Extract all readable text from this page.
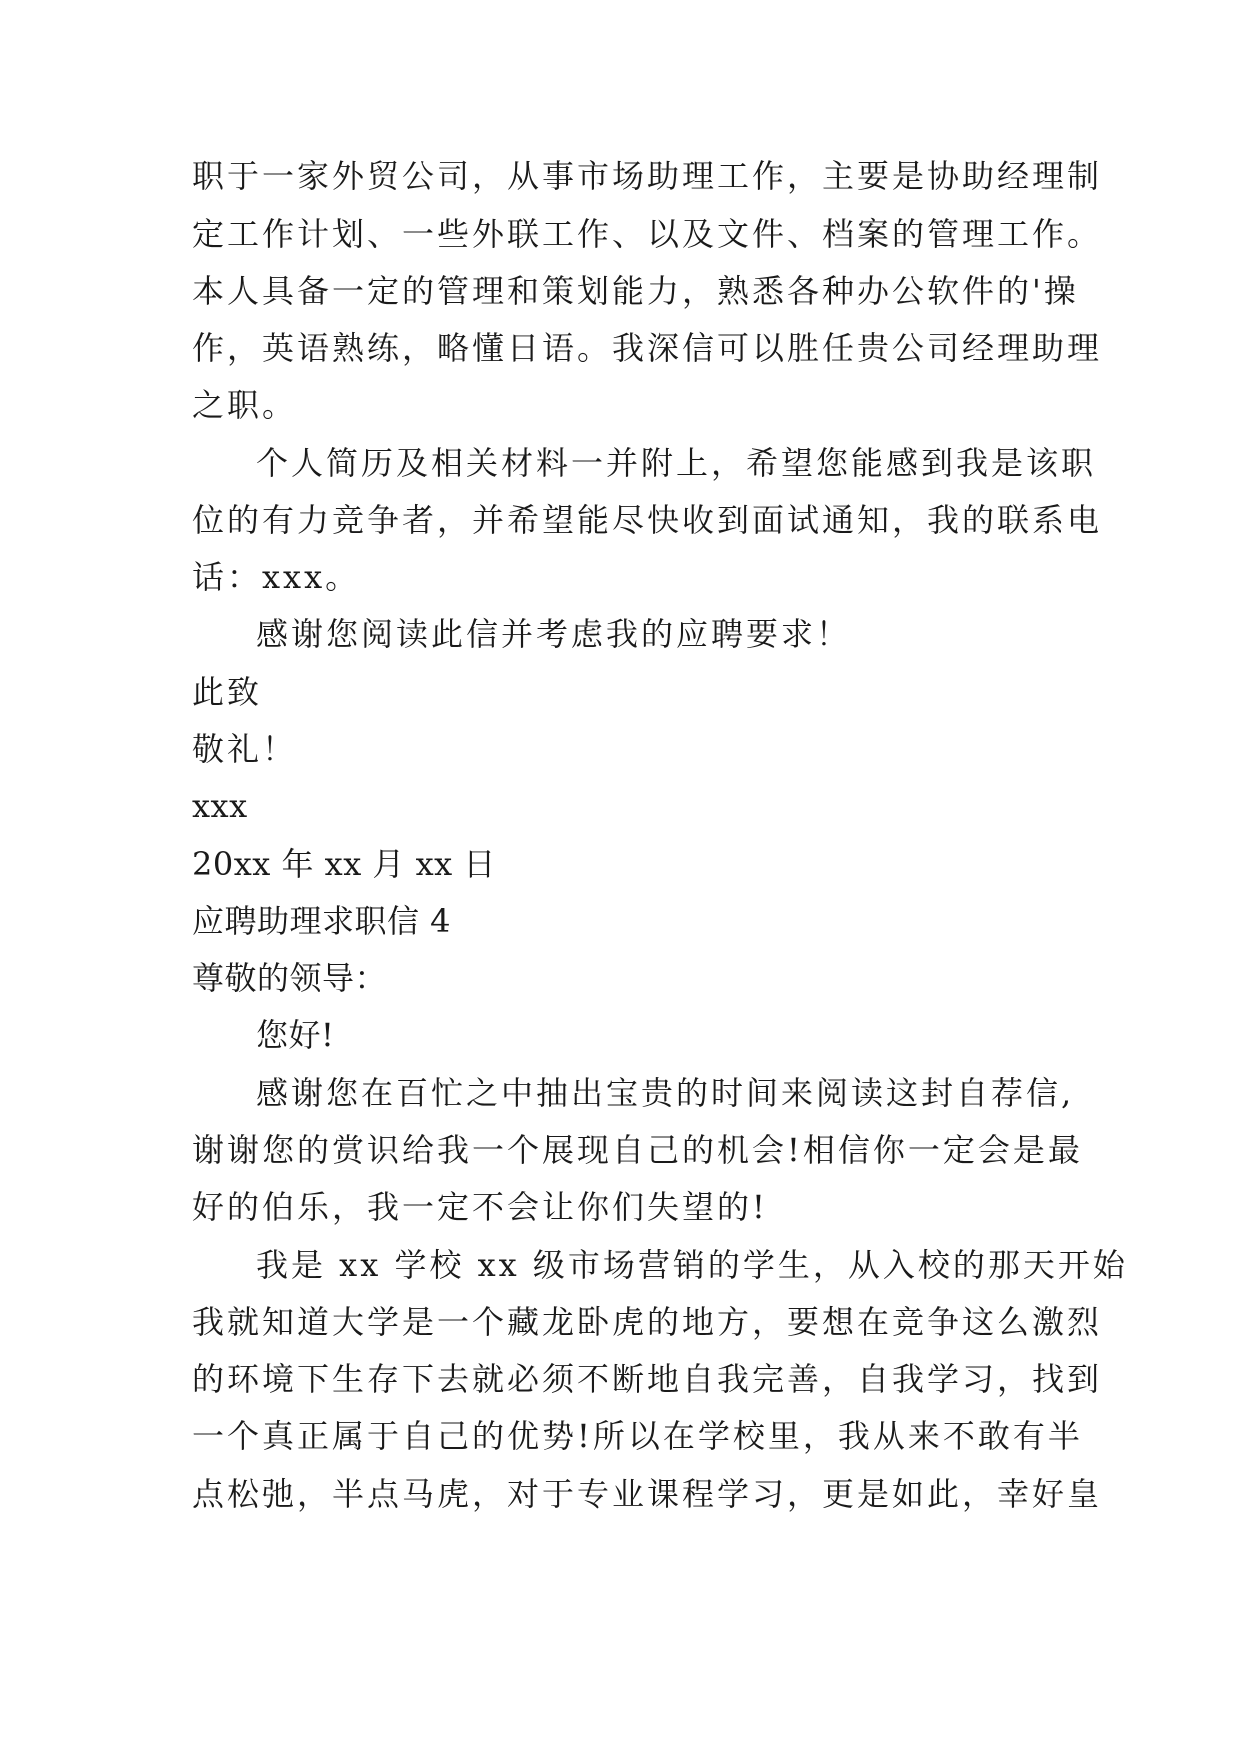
职于一家外贸公司，从事市场助理工作，主要是协助经理制

定工作计划、一些外联工作、以及文件、档案的管理工作。

本人具备一定的管理和策划能力，熟悉各种办公软件的'操

作，英语熟练，略懂日语。我深信可以胜任贵公司经理助理

之职。

个人简历及相关材料一并附上，希望您能感到我是该职

位的有力竞争者，并希望能尽快收到面试通知，我的联系电

话：xxx。

感谢您阅读此信并考虑我的应聘要求！

此致

敬礼！

xxx

20xx 年 xx 月 xx 日

应聘助理求职信 4

尊敬的领导：

您好!

感谢您在百忙之中抽出宝贵的时间来阅读这封自荐信,

谢谢您的赏识给我一个展现自己的机会!相信你一定会是最

好的伯乐，我一定不会让你们失望的!

我是 xx 学校 xx 级市场营销的学生，从入校的那天开始

我就知道大学是一个藏龙卧虎的地方，要想在竞争这么激烈

的环境下生存下去就必须不断地自我完善，自我学习，找到

一个真正属于自己的优势!所以在学校里，我从来不敢有半

点松弛，半点马虎，对于专业课程学习，更是如此，幸好皇
